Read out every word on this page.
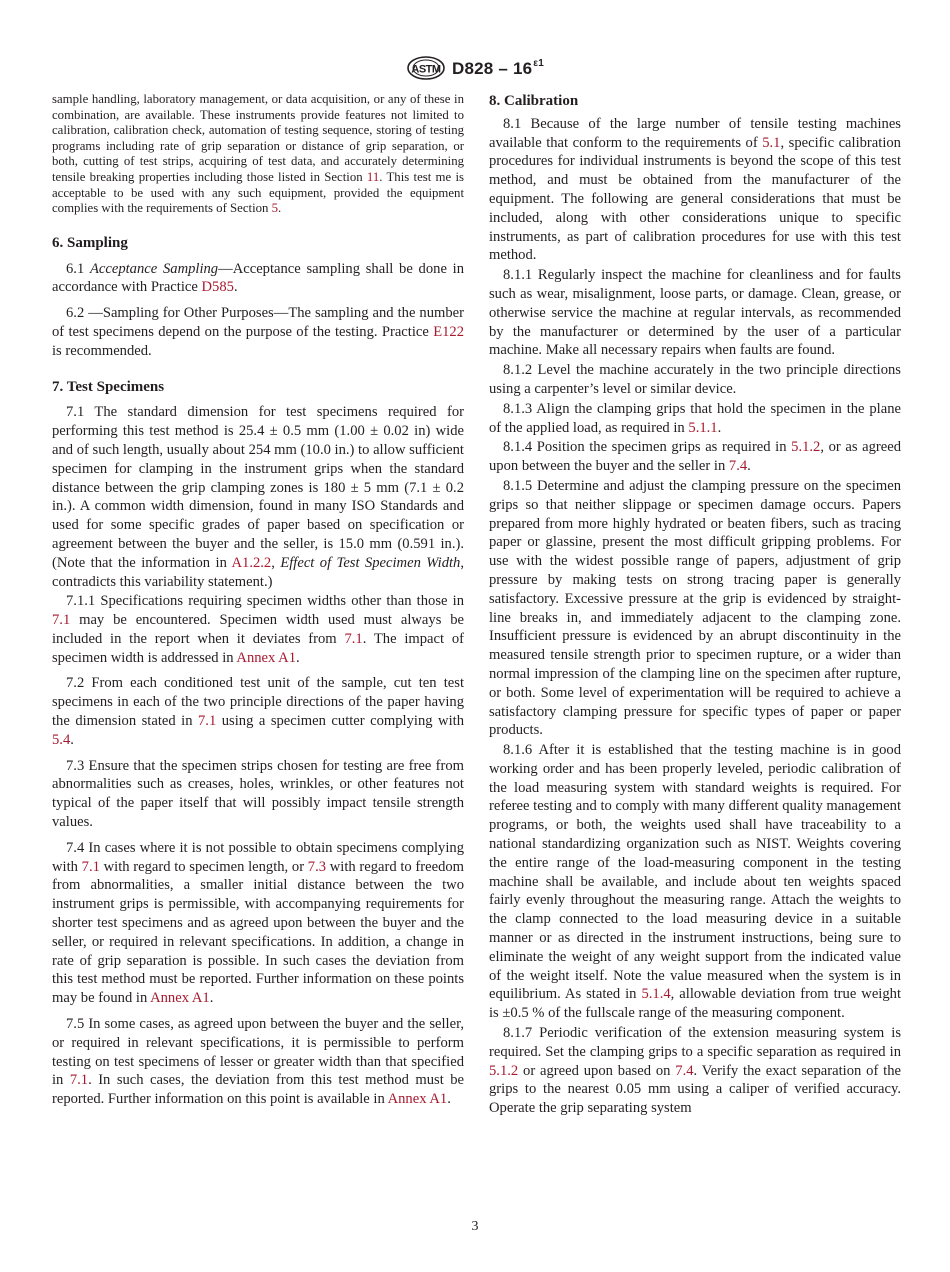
ASTM $D828 - 16^{\varepsilon 1}$

sample handling, laboratory management, or data acquisition, or any of these in combination, are available. These instruments provide features not limited to calibration, calibration check, automation of testing sequence, storing of testing programs including rate of grip separation or distance of grip separation, or both, cutting of test strips, acquiring of test data, and accurately determining tensile breaking properties including those listed in Section 11. This test me is acceptable to be used with any such equipment, provided the equipment complies with the requirements of Section 5.

6. Sampling

6.1 Acceptance Sampling—Acceptance sampling shall be done in accordance with Practice D585.

6.2 —Sampling for Other Purposes—The sampling and the number of test specimens depend on the purpose of the testing. Practice E122 is recommended.

7. Test Specimens

7.1 The standard dimension for test specimens required for performing this test method is 25.4 ± 0.5 mm (1.00 ± 0.02 in) wide and of such length, usually about 254 mm (10.0 in.) to allow sufficient specimen for clamping in the instrument grips when the standard distance between the grip clamping zones is 180 ± 5 mm (7.1 ± 0.2 in.). A common width dimension, found in many ISO Standards and used for some specific grades of paper based on specification or agreement between the buyer and the seller, is 15.0 mm (0.591 in.). (Note that the information in A1.2.2, Effect of Test Specimen Width, contradicts this variability statement.)

7.1.1 Specifications requiring specimen widths other than those in 7.1 may be encountered. Specimen width used must always be included in the report when it deviates from 7.1. The impact of specimen width is addressed in Annex A1.

7.2 From each conditioned test unit of the sample, cut ten test specimens in each of the two principle directions of the paper having the dimension stated in 7.1 using a specimen cutter complying with 5.4.

7.3 Ensure that the specimen strips chosen for testing are free from abnormalities such as creases, holes, wrinkles, or other features not typical of the paper itself that will possibly impact tensile strength values.

7.4 In cases where it is not possible to obtain specimens complying with 7.1 with regard to specimen length, or 7.3 with regard to freedom from abnormalities, a smaller initial distance between the two instrument grips is permissible, with accompanying requirements for shorter test specimens and as agreed upon between the buyer and the seller, or required in relevant specifications. In addition, a change in rate of grip separation is possible. In such cases the deviation from this test method must be reported. Further information on these points may be found in Annex A1.

7.5 In some cases, as agreed upon between the buyer and the seller, or required in relevant specifications, it is permissible to perform testing on test specimens of lesser or greater width than that specified in 7.1. In such cases, the deviation from this test method must be reported. Further information on this point is available in Annex A1.

8. Calibration

8.1 Because of the large number of tensile testing machines available that conform to the requirements of 5.1, specific calibration procedures for individual instruments is beyond the scope of this test method, and must be obtained from the manufacturer of the equipment. The following are general considerations that must be included, along with other considerations unique to specific instruments, as part of calibration procedures for use with this test method.

8.1.1 Regularly inspect the machine for cleanliness and for faults such as wear, misalignment, loose parts, or damage. Clean, grease, or otherwise service the machine at regular intervals, as recommended by the manufacturer or determined by the user of a particular machine. Make all necessary repairs when faults are found.

8.1.2 Level the machine accurately in the two principle directions using a carpenter’s level or similar device.

8.1.3 Align the clamping grips that hold the specimen in the plane of the applied load, as required in 5.1.1.

8.1.4 Position the specimen grips as required in 5.1.2, or as agreed upon between the buyer and the seller in 7.4.

8.1.5 Determine and adjust the clamping pressure on the specimen grips so that neither slippage or specimen damage occurs. Papers prepared from more highly hydrated or beaten fibers, such as tracing paper or glassine, present the most difficult gripping problems. For use with the widest possible range of papers, adjustment of grip pressure by making tests on strong tracing paper is generally satisfactory. Excessive pressure at the grip is evidenced by straight-line breaks in, and immediately adjacent to the clamping zone. Insufficient pressure is evidenced by an abrupt discontinuity in the measured tensile strength prior to specimen rupture, or a wider than normal impression of the clamping line on the specimen after rupture, or both. Some level of experimentation will be required to achieve a satisfactory clamping pressure for specific types of paper or paper products.

8.1.6 After it is established that the testing machine is in good working order and has been properly leveled, periodic calibration of the load measuring system with standard weights is required. For referee testing and to comply with many different quality management programs, or both, the weights used shall have traceability to a national standardizing organization such as NIST. Weights covering the entire range of the load-measuring component in the testing machine shall be available, and include about ten weights spaced fairly evenly throughout the measuring range. Attach the weights to the clamp connected to the load measuring device in a suitable manner or as directed in the instrument instructions, being sure to eliminate the weight of any weight support from the indicated value of the weight itself. Note the value measured when the system is in equilibrium. As stated in 5.1.4, allowable deviation from true weight is ±0.5 % of the fullscale range of the measuring component.

8.1.7 Periodic verification of the extension measuring system is required. Set the clamping grips to a specific separation as required in 5.1.2 or agreed upon based on 7.4. Verify the exact separation of the grips to the nearest 0.05 mm using a caliper of verified accuracy. Operate the grip separating system

3
